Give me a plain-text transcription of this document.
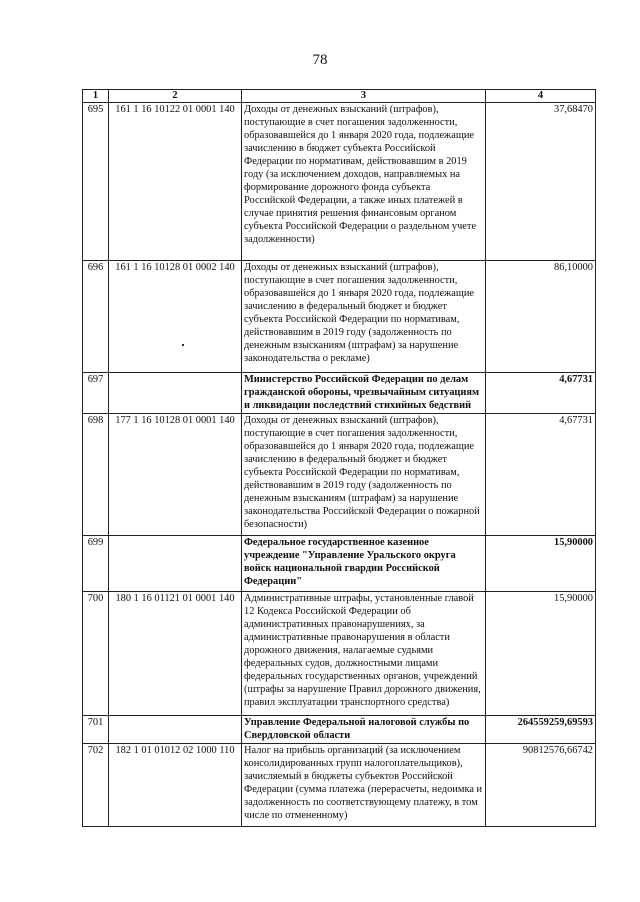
78
1	2	3	4
695	161 1 16 10122 01 0001 140	Доходы от денежных взысканий (штрафов), поступающие в счет погашения задолженности, образовавшейся до 1 января 2020 года, подлежащие зачислению в бюджет субъекта Российской Федерации по нормативам, действовавшим в 2019 году (за исключением доходов, направляемых на формирование дорожного фонда субъекта Российской Федерации, а также иных платежей в случае принятия решения финансовым органом субъекта Российской Федерации о раздельном учете задолженности)	37,68470
696	161 1 16 10128 01 0002 140	Доходы от денежных взысканий (штрафов), поступающие в счет погашения задолженности, образовавшейся до 1 января 2020 года, подлежащие зачислению в федеральный бюджет и бюджет субъекта Российской Федерации по нормативам, действовавшим в 2019 году (задолженность по денежным взысканиям (штрафам) за нарушение законодательства о рекламе)	86,10000
697		Министерство Российской Федерации по делам гражданской обороны, чрезвычайным ситуациям и ликвидации последствий стихийных бедствий	4,67731
698	177 1 16 10128 01 0001 140	Доходы от денежных взысканий (штрафов), поступающие в счет погашения задолженности, образовавшейся до 1 января 2020 года, подлежащие зачислению в федеральный бюджет и бюджет субъекта Российской Федерации по нормативам, действовавшим в 2019 году (задолженность по денежным взысканиям (штрафам) за нарушение законодательства Российской Федерации о пожарной безопасности)	4,67731
699		Федеральное государственное казенное учреждение "Управление Уральского округа войск национальной гвардии Российской Федерации"	15,90000
700	180 1 16 01121 01 0001 140	Административные штрафы, установленные главой 12 Кодекса Российской Федерации об административных правонарушениях, за административные правонарушения в области дорожного движения, налагаемые судьями федеральных судов, должностными лицами федеральных государственных органов, учреждений (штрафы за нарушение Правил дорожного движения, правил эксплуатации транспортного средства)	15,90000
701		Управление Федеральной налоговой службы по Свердловской области	264559259,69593
702	182 1 01 01012 02 1000 110	Налог на прибыль организаций (за исключением консолидированных групп налогоплательщиков), зачисляемый в бюджеты субъектов Российской Федерации (сумма платежа (перерасчеты, недоимка и задолженность по соответствующему платежу, в том числе по отмененному)	90812576,66742
